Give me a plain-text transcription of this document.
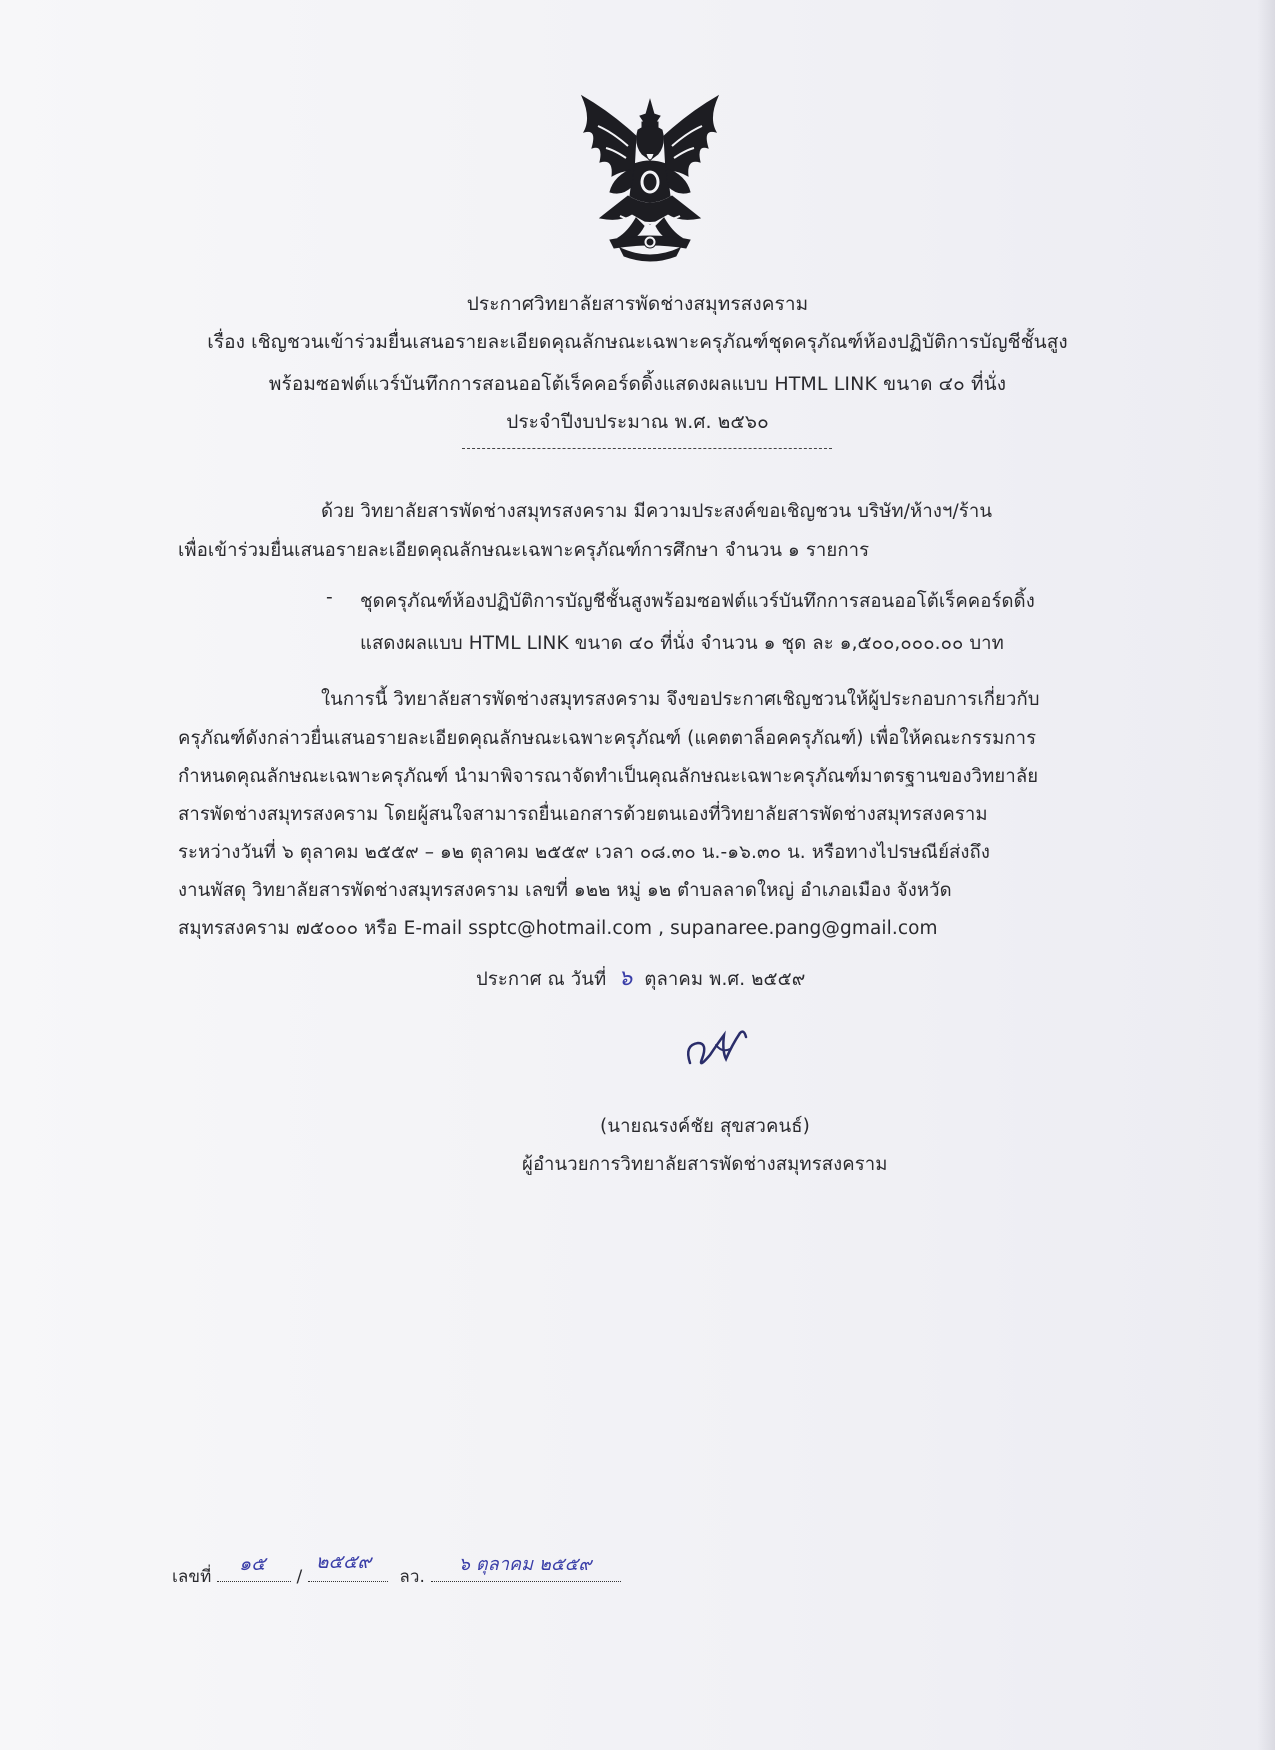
ประกาศวิทยาลัยสารพัดช่างสมุทรสงคราม
เรื่อง เชิญชวนเข้าร่วมยื่นเสนอรายละเอียดคุณลักษณะเฉพาะครุภัณฑ์ชุดครุภัณฑ์ห้องปฏิบัติการบัญชีชั้นสูง
พร้อมซอฟต์แวร์บันทึกการสอนออโต้เร็คคอร์ดดิ้งแสดงผลแบบ HTML LINK ขนาด ๔๐ ที่นั่ง
ประจำปีงบประมาณ พ.ศ. ๒๕๖๐
ด้วย วิทยาลัยสารพัดช่างสมุทรสงคราม มีความประสงค์ขอเชิญชวน บริษัท/ห้างฯ/ร้าน
เพื่อเข้าร่วมยื่นเสนอรายละเอียดคุณลักษณะเฉพาะครุภัณฑ์การศึกษา จำนวน ๑ รายการ
- ชุดครุภัณฑ์ห้องปฏิบัติการบัญชีชั้นสูงพร้อมซอฟต์แวร์บันทึกการสอนออโต้เร็คคอร์ดดิ้ง
แสดงผลแบบ HTML LINK ขนาด ๔๐ ที่นั่ง จำนวน ๑ ชุด ละ ๑,๕๐๐,๐๐๐.๐๐ บาท
ในการนี้ วิทยาลัยสารพัดช่างสมุทรสงคราม จึงขอประกาศเชิญชวนให้ผู้ประกอบการเกี่ยวกับ
ครุภัณฑ์ดังกล่าวยื่นเสนอรายละเอียดคุณลักษณะเฉพาะครุภัณฑ์ (แคตตาล็อคครุภัณฑ์) เพื่อให้คณะกรรมการ
กำหนดคุณลักษณะเฉพาะครุภัณฑ์ นำมาพิจารณาจัดทำเป็นคุณลักษณะเฉพาะครุภัณฑ์มาตรฐานของวิทยาลัย
สารพัดช่างสมุทรสงคราม โดยผู้สนใจสามารถยื่นเอกสารด้วยตนเองที่วิทยาลัยสารพัดช่างสมุทรสงคราม
ระหว่างวันที่ ๖ ตุลาคม ๒๕๕๙ – ๑๒ ตุลาคม ๒๕๕๙ เวลา ๐๘.๓๐ น.-๑๖.๓๐ น. หรือทางไปรษณีย์ส่งถึง
งานพัสดุ วิทยาลัยสารพัดช่างสมุทรสงคราม เลขที่ ๑๒๒ หมู่ ๑๒ ตำบลลาดใหญ่ อำเภอเมือง จังหวัด
สมุทรสงคราม ๗๕๐๐๐ หรือ E-mail ssptc@hotmail.com , supanaree.pang@gmail.com
ประกาศ ณ วันที่ ๖ ตุลาคม พ.ศ. ๒๕๕๙
(นายณรงค์ชัย สุขสวคนธ์)
ผู้อำนวยการวิทยาลัยสารพัดช่างสมุทรสงคราม
เลขที่
๑๕
/
๒๕๕๙
ลว.
๖ ตุลาคม ๒๕๕๙
